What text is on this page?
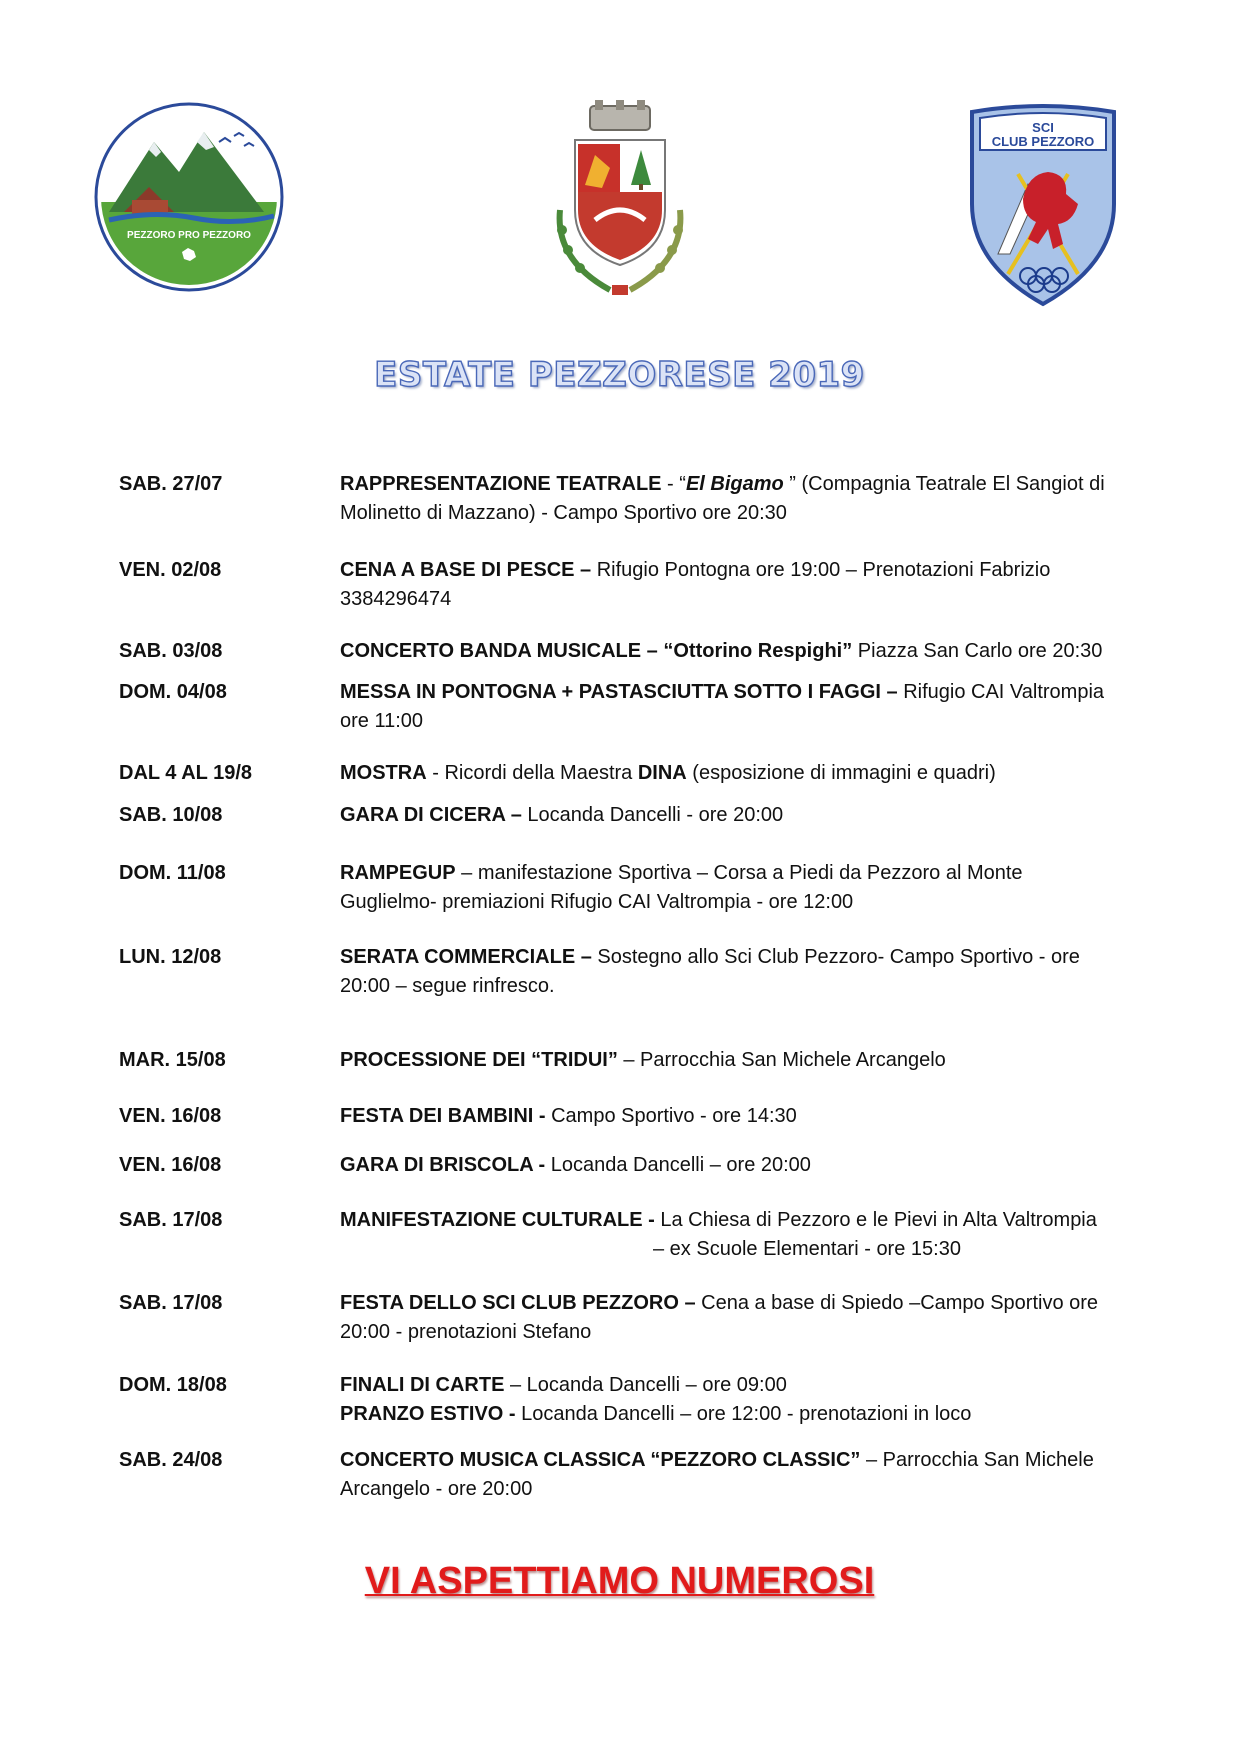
PEZZORO PRO PEZZORO
SCI
CLUB PEZZORO
ESTATE PEZZORESE 2019
SAB. 27/07	RAPPRESENTAZIONE TEATRALE - “El Bigamo ” (Compagnia Teatrale El Sangiot di Molinetto di Mazzano) - Campo Sportivo ore 20:30
VEN. 02/08	CENA A BASE DI PESCE – Rifugio Pontogna ore 19:00 – Prenotazioni Fabrizio 3384296474
SAB. 03/08	CONCERTO BANDA MUSICALE – “Ottorino Respighi” Piazza San Carlo ore 20:30
DOM. 04/08	MESSA IN PONTOGNA + PASTASCIUTTA SOTTO I FAGGI – Rifugio CAI Valtrompia ore 11:00
DAL 4 AL 19/8	MOSTRA - Ricordi della Maestra DINA (esposizione di immagini e quadri)
SAB. 10/08	GARA DI CICERA – Locanda Dancelli - ore 20:00
DOM. 11/08	RAMPEGUP – manifestazione Sportiva – Corsa a Piedi da Pezzoro al Monte Guglielmo- premiazioni Rifugio CAI Valtrompia - ore 12:00
LUN. 12/08	SERATA COMMERCIALE – Sostegno allo Sci Club Pezzoro- Campo Sportivo - ore 20:00 – segue rinfresco.
MAR. 15/08	PROCESSIONE DEI “TRIDUI” – Parrocchia San Michele Arcangelo
VEN. 16/08	FESTA DEI BAMBINI - Campo Sportivo - ore 14:30
VEN. 16/08	GARA DI BRISCOLA - Locanda Dancelli – ore 20:00
SAB. 17/08	MANIFESTAZIONE CULTURALE - La Chiesa di Pezzoro e le Pievi in Alta Valtrompia
– ex Scuole Elementari - ore 15:30
SAB. 17/08	FESTA DELLO SCI CLUB PEZZORO – Cena a base di Spiedo –Campo Sportivo ore 20:00 - prenotazioni Stefano
DOM. 18/08	FINALI DI CARTE – Locanda Dancelli – ore 09:00
PRANZO ESTIVO - Locanda Dancelli – ore 12:00 - prenotazioni in loco
SAB. 24/08	CONCERTO MUSICA CLASSICA “PEZZORO CLASSIC” – Parrocchia San Michele Arcangelo - ore 20:00
VI ASPETTIAMO NUMEROSI
